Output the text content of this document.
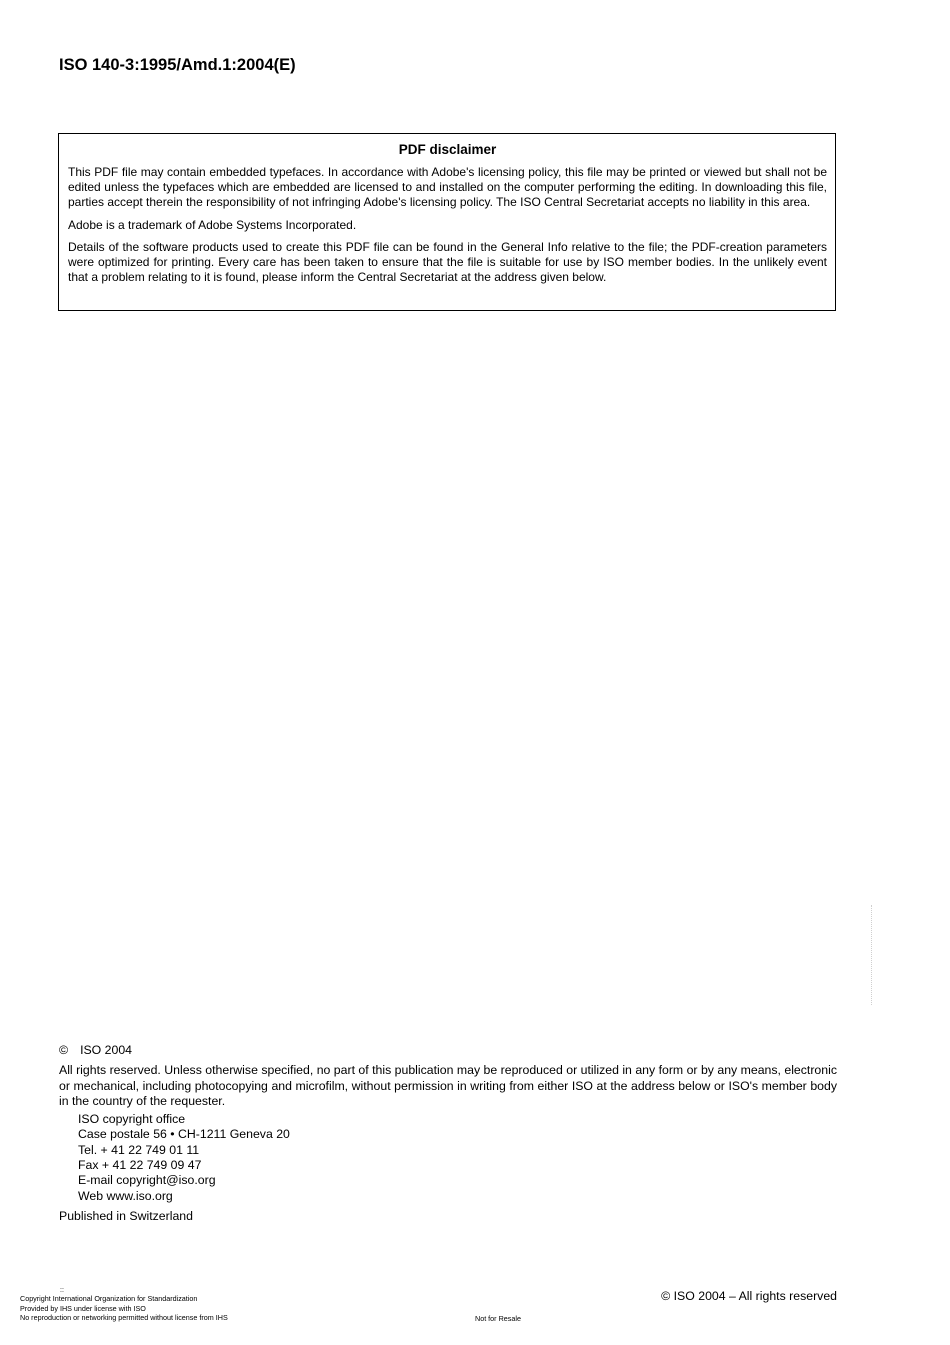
ISO 140-3:1995/Amd.1:2004(E)
PDF disclaimer

This PDF file may contain embedded typefaces. In accordance with Adobe's licensing policy, this file may be printed or viewed but shall not be edited unless the typefaces which are embedded are licensed to and installed on the computer performing the editing. In downloading this file, parties accept therein the responsibility of not infringing Adobe's licensing policy. The ISO Central Secretariat accepts no liability in this area.

Adobe is a trademark of Adobe Systems Incorporated.

Details of the software products used to create this PDF file can be found in the General Info relative to the file; the PDF-creation parameters were optimized for printing. Every care has been taken to ensure that the file is suitable for use by ISO member bodies. In the unlikely event that a problem relating to it is found, please inform the Central Secretariat at the address given below.

© ISO 2004
All rights reserved. Unless otherwise specified, no part of this publication may be reproduced or utilized in any form or by any means, electronic or mechanical, including photocopying and microfilm, without permission in writing from either ISO at the address below or ISO's member body in the country of the requester.
ISO copyright office
Case postale 56 • CH-1211 Geneva 20
Tel. + 41 22 749 01 11
Fax + 41 22 749 09 47
E-mail copyright@iso.org
Web www.iso.org
Published in Switzerland
::
Copyright International Organization for Standardization
Provided by IHS under license with ISO
No reproduction or networking permitted without license from IHS	Not for Resale
© ISO 2004 – All rights reserved
